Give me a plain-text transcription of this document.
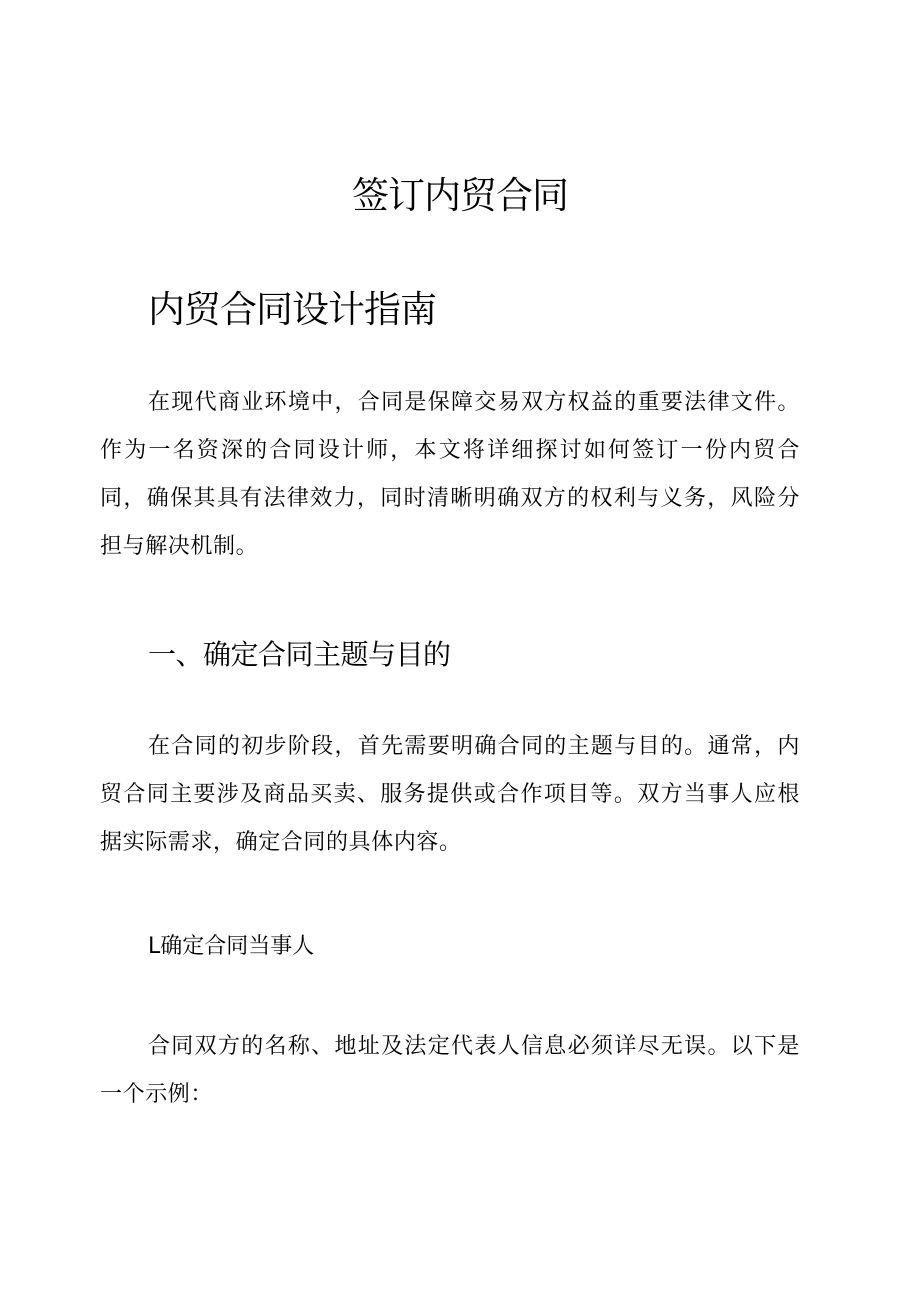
签订内贸合同
内贸合同设计指南

在现代商业环境中，合同是保障交易双方权益的重要法律文件。作为一名资深的合同设计师，本文将详细探讨如何签订一份内贸合同，确保其具有法律效力，同时清晰明确双方的权利与义务，风险分担与解决机制。

一、确定合同主题与目的

在合同的初步阶段，首先需要明确合同的主题与目的。通常，内贸合同主要涉及商品买卖、服务提供或合作项目等。双方当事人应根据实际需求，确定合同的具体内容。

L确定合同当事人

合同双方的名称、地址及法定代表人信息必须详尽无误。以下是一个示例：
